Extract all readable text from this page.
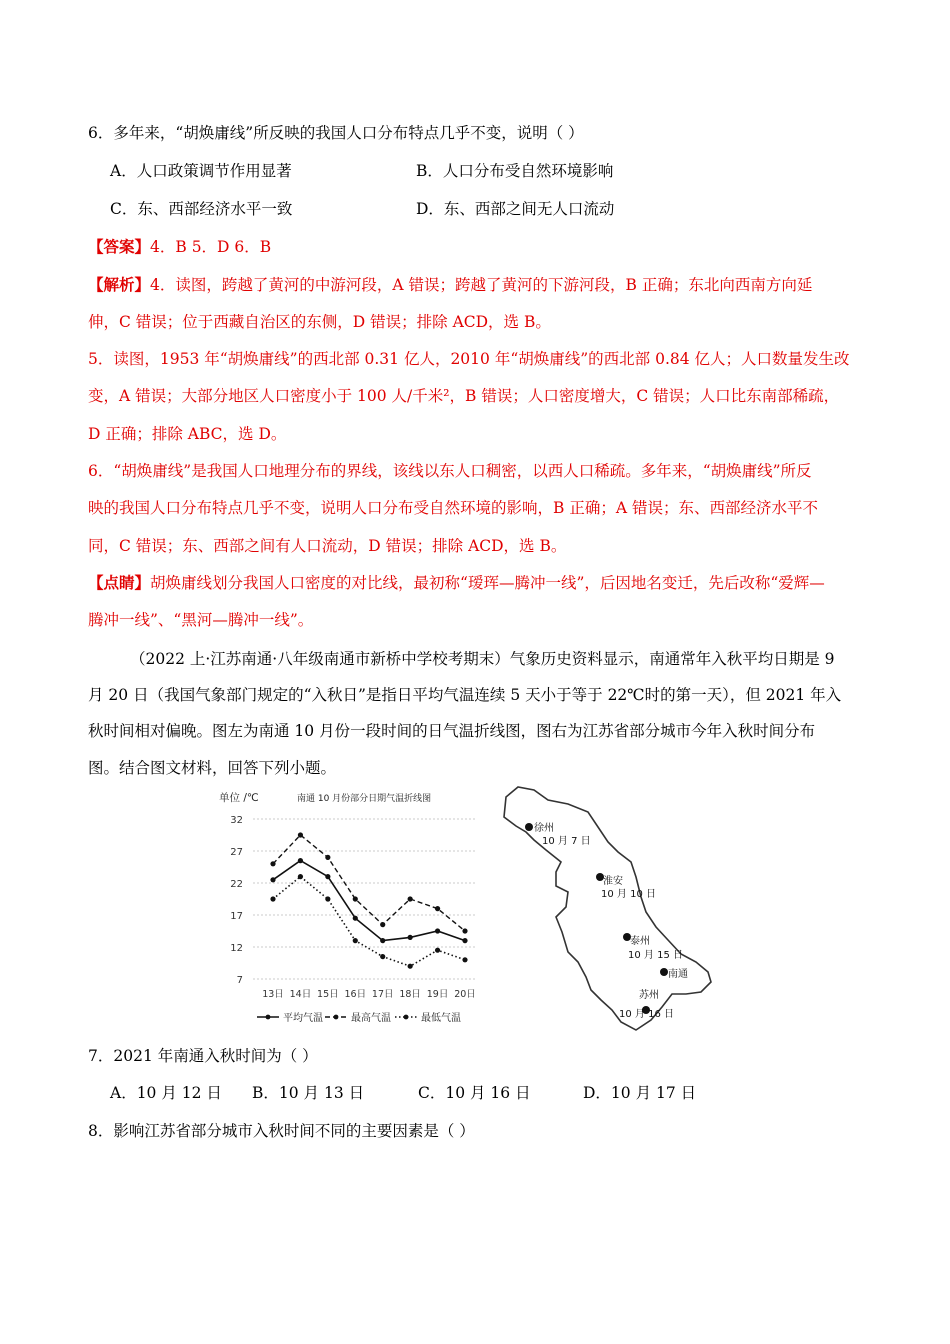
6．多年来，“胡焕庸线”所反映的我国人口分布特点几乎不变，说明（ ）
A．人口政策调节作用显著	B．人口分布受自然环境影响
C．东、西部经济水平一致	D．东、西部之间无人口流动
【答案】4．B 5．D 6．B
【解析】4．读图，跨越了黄河的中游河段，A 错误；跨越了黄河的下游河段，B 正确；东北向西南方向延
伸，C 错误；位于西藏自治区的东侧，D 错误；排除 ACD，选 B。
5．读图，1953 年“胡焕庸线”的西北部 0.31 亿人，2010 年“胡焕庸线”的西北部 0.84 亿人；人口数量发生改
变，A 错误；大部分地区人口密度小于 100 人/千米²，B 错误；人口密度增大，C 错误；人口比东南部稀疏，
D 正确；排除 ABC，选 D。
6．“胡焕庸线”是我国人口地理分布的界线，该线以东人口稠密，以西人口稀疏。多年来，“胡焕庸线”所反
映的我国人口分布特点几乎不变，说明人口分布受自然环境的影响，B 正确；A 错误；东、西部经济水平不
同，C 错误；东、西部之间有人口流动，D 错误；排除 ACD，选 B。
【点睛】胡焕庸线划分我国人口密度的对比线，最初称“瑷珲—腾冲一线”，后因地名变迁，先后改称“爱辉—
腾冲一线”、“黑河—腾冲一线”。
（2022 上·江苏南通·八年级南通市新桥中学校考期末）气象历史资料显示，南通常年入秋平均日期是 9
月 20 日（我国气象部门规定的“入秋日”是指日平均气温连续 5 天小于等于 22℃时的第一天），但 2021 年入
秋时间相对偏晚。图左为南通 10 月份一段时间的日气温折线图，图右为江苏省部分城市今年入秋时间分布
图。结合图文材料，回答下列小题。
单位 /℃	南通 10 月份部分日期气温折线图
32
27
22
17
12
7
13日 14日 15日 16日 17日 18日 19日 20日
平均气温	最高气温	最低气温
徐州
10 月 7 日
淮安
10 月 10 日
泰州
10 月 15 日
南通
苏州
10 月 16 日
7．2021 年南通入秋时间为（ ）
A．10 月 12 日 B．10 月 13 日	C．10 月 16 日	D．10 月 17 日
8．影响江苏省部分城市入秋时间不同的主要因素是（ ）
